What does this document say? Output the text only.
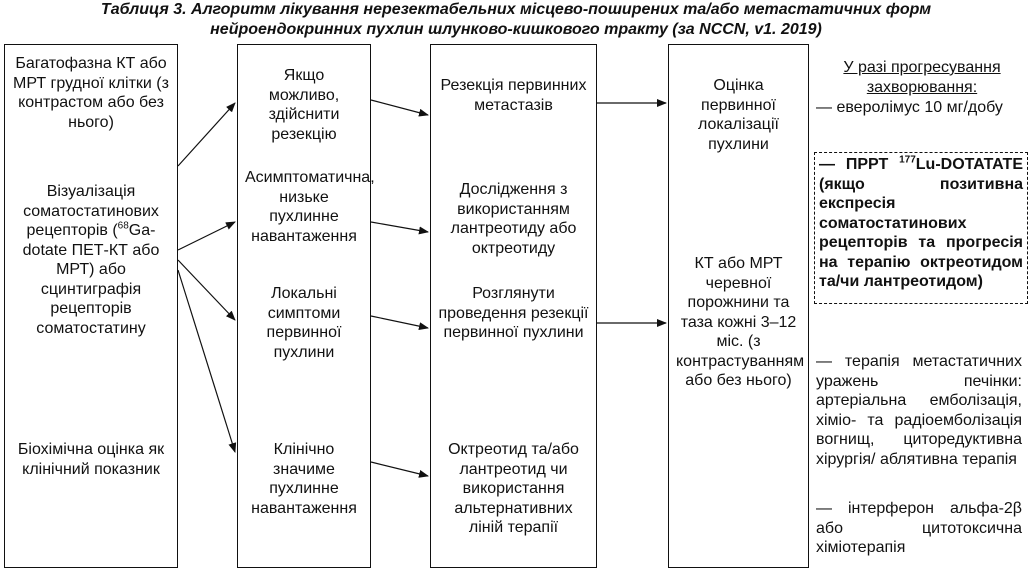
Таблиця 3. Алгоритм лікування нерезектабельних місцево-поширених та/або метастатичних форм
нейроендокринних пухлин шлунково-кишкового тракту (за NCCN, v1. 2019)
Багатофазна КТ або МРТ грудної клітки (з контрастом або без нього)
Візуалізація соматостатинових рецепторів ($^{68}$Ga-dotate ПЕТ-КТ або МРТ) або сцинтиграфія рецепторів соматостатину
Біохімічна оцінка як клінічний показник
Якщо можливо, здійснити резекцію
Асимптоматична, низьке пухлинне навантаження
Локальні симптоми первинної пухлини
Клінічно значиме пухлинне навантаження
Резекція первинних метастазів
Дослідження з використанням лантреотиду або октреотиду
Розглянути проведення резекції первинної пухлини
Октреотид та/або лантреотид чи використання альтернативних ліній терапії
Оцінка первинної локалізації пухлини
КТ або МРТ черевної порожнини та таза кожні 3–12 міс. (з контрастуванням або без нього)
У разі прогресування захворювання:
— еверолімус 10 мг/добу
— ПРРТ $^{177}$Lu-DOTATATE (якщо позитивна експресія соматостатинових рецепторів та прогресія на терапію октреотидом та/чи лантреотидом)
— терапія метастатичних уражень печінки: артеріальна емболізація, хіміо- та радіоемболізація вогнищ, циторедуктивна хірургія/ аблятивна терапія
— інтерферон альфа-2β або цитотоксична хіміотерапія
